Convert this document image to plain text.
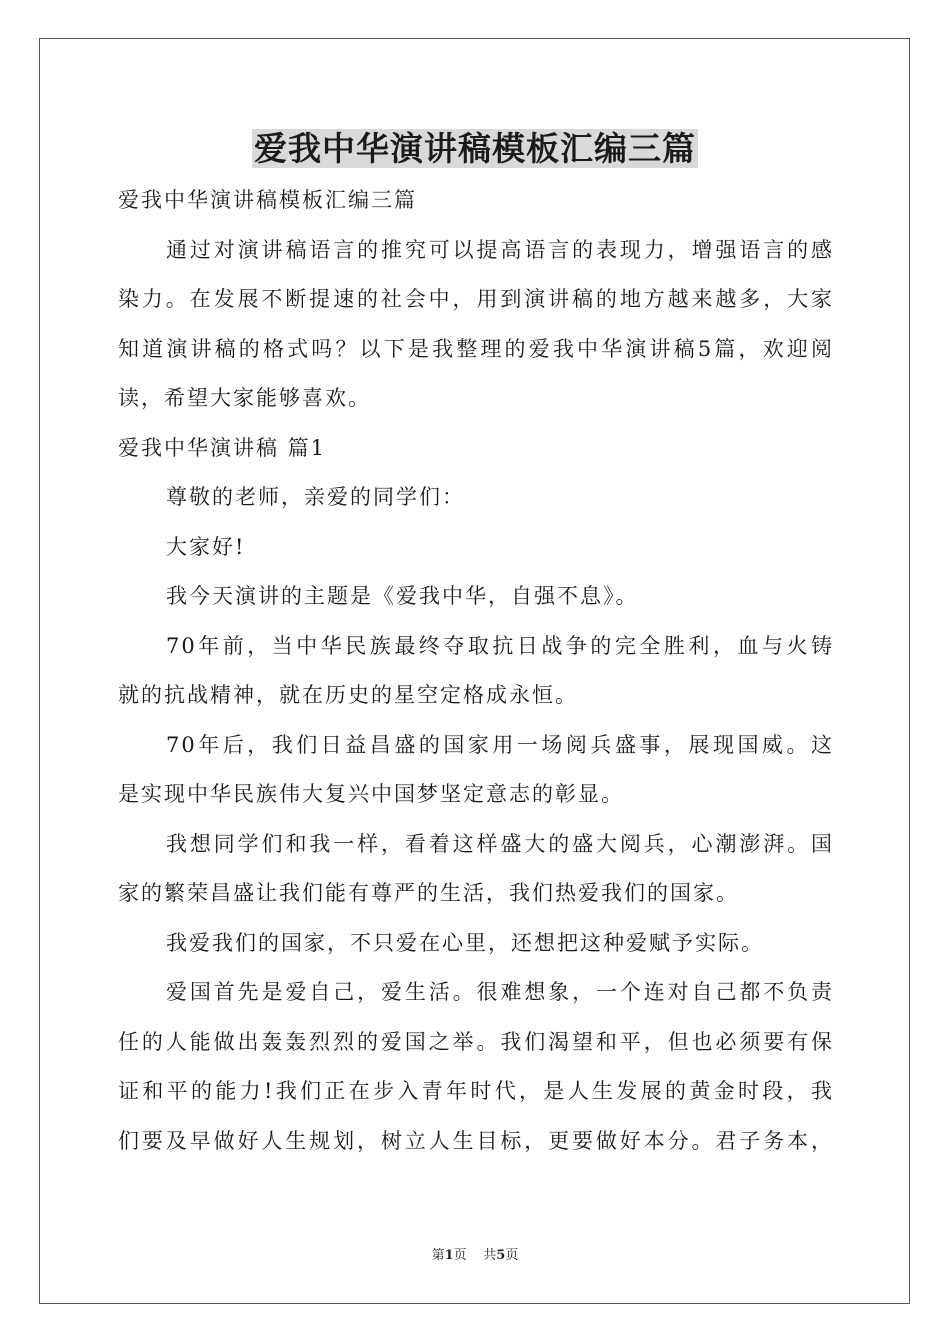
爱我中华演讲稿模板汇编三篇
爱我中华演讲稿模板汇编三篇
通过对演讲稿语言的推究可以提高语言的表现力，增强语言的感
染力。在发展不断提速的社会中，用到演讲稿的地方越来越多，大家
知道演讲稿的格式吗？以下是我整理的爱我中华演讲稿5篇，欢迎阅
读，希望大家能够喜欢。
爱我中华演讲稿 篇1
尊敬的老师，亲爱的同学们：
大家好!
我今天演讲的主题是《爱我中华，自强不息》。
70年前，当中华民族最终夺取抗日战争的完全胜利，血与火铸
就的抗战精神，就在历史的星空定格成永恒。
70年后，我们日益昌盛的国家用一场阅兵盛事，展现国威。这
是实现中华民族伟大复兴中国梦坚定意志的彰显。
我想同学们和我一样，看着这样盛大的盛大阅兵，心潮澎湃。国
家的繁荣昌盛让我们能有尊严的生活，我们热爱我们的国家。
我爱我们的国家，不只爱在心里，还想把这种爱赋予实际。
爱国首先是爱自己，爱生活。很难想象，一个连对自己都不负责
任的人能做出轰轰烈烈的爱国之举。我们渴望和平，但也必须要有保
证和平的能力!我们正在步入青年时代，是人生发展的黄金时段，我
们要及早做好人生规划，树立人生目标，更要做好本分。君子务本，
第1页 共5页
